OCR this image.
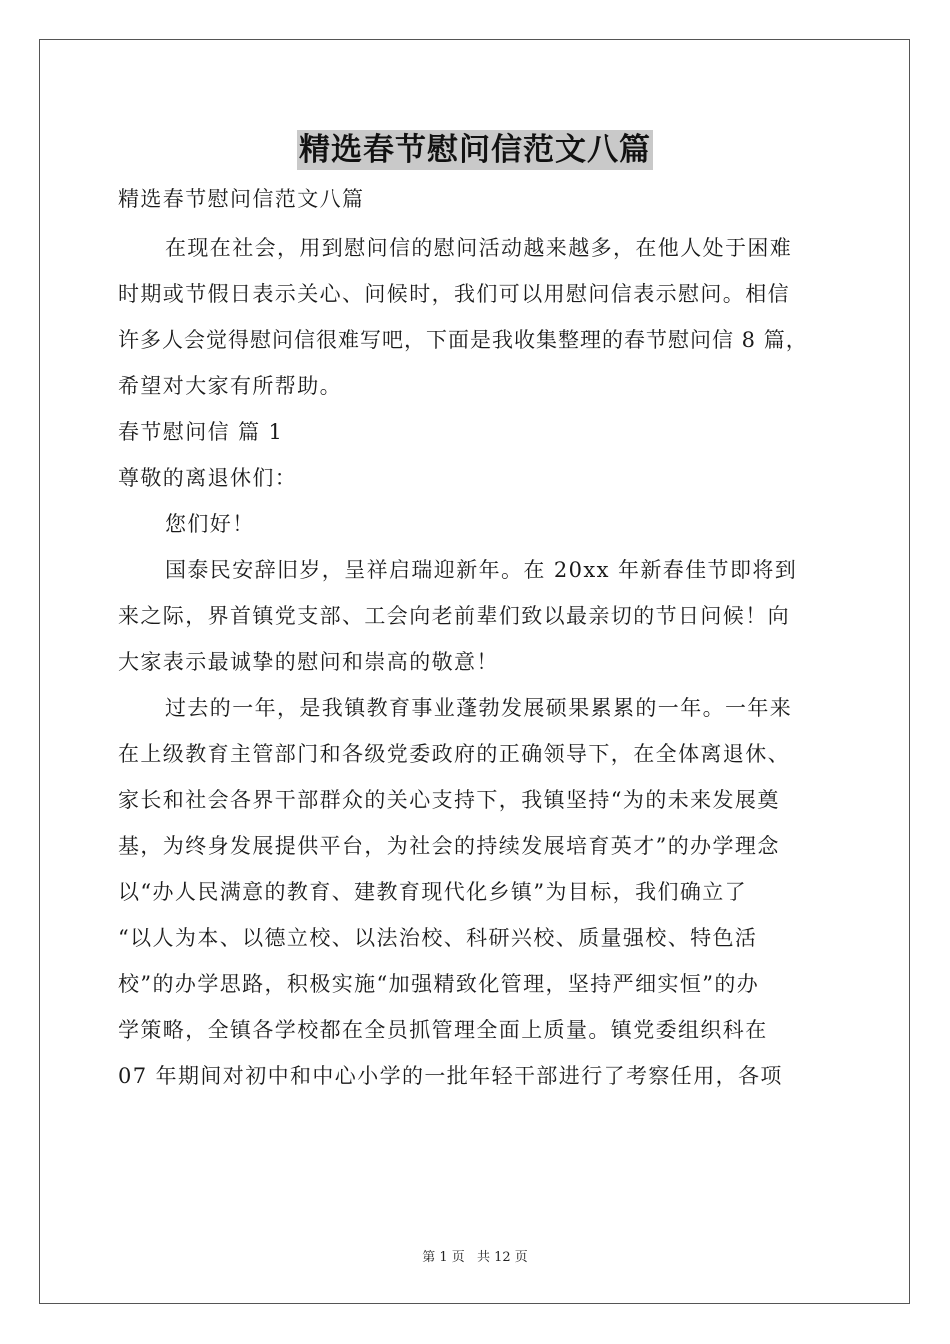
精选春节慰问信范文八篇
精选春节慰问信范文八篇
在现在社会，用到慰问信的慰问活动越来越多，在他人处于困难
时期或节假日表示关心、问候时，我们可以用慰问信表示慰问。相信
许多人会觉得慰问信很难写吧，下面是我收集整理的春节慰问信 8 篇，
希望对大家有所帮助。
春节慰问信 篇 1
尊敬的离退休们：
您们好！
国泰民安辞旧岁，呈祥启瑞迎新年。在 20xx 年新春佳节即将到
来之际，界首镇党支部、工会向老前辈们致以最亲切的节日问候！向
大家表示最诚挚的慰问和崇高的敬意！
过去的一年，是我镇教育事业蓬勃发展硕果累累的一年。一年来
在上级教育主管部门和各级党委政府的正确领导下，在全体离退休、
家长和社会各界干部群众的关心支持下，我镇坚持“为的未来发展奠
基，为终身发展提供平台，为社会的持续发展培育英才”的办学理念
以“办人民满意的教育、建教育现代化乡镇”为目标，我们确立了
“以人为本、以德立校、以法治校、科研兴校、质量强校、特色活
校”的办学思路，积极实施“加强精致化管理，坚持严细实恒”的办
学策略，全镇各学校都在全员抓管理全面上质量。镇党委组织科在
07 年期间对初中和中心小学的一批年轻干部进行了考察任用，各项
第 1 页 共 12 页
